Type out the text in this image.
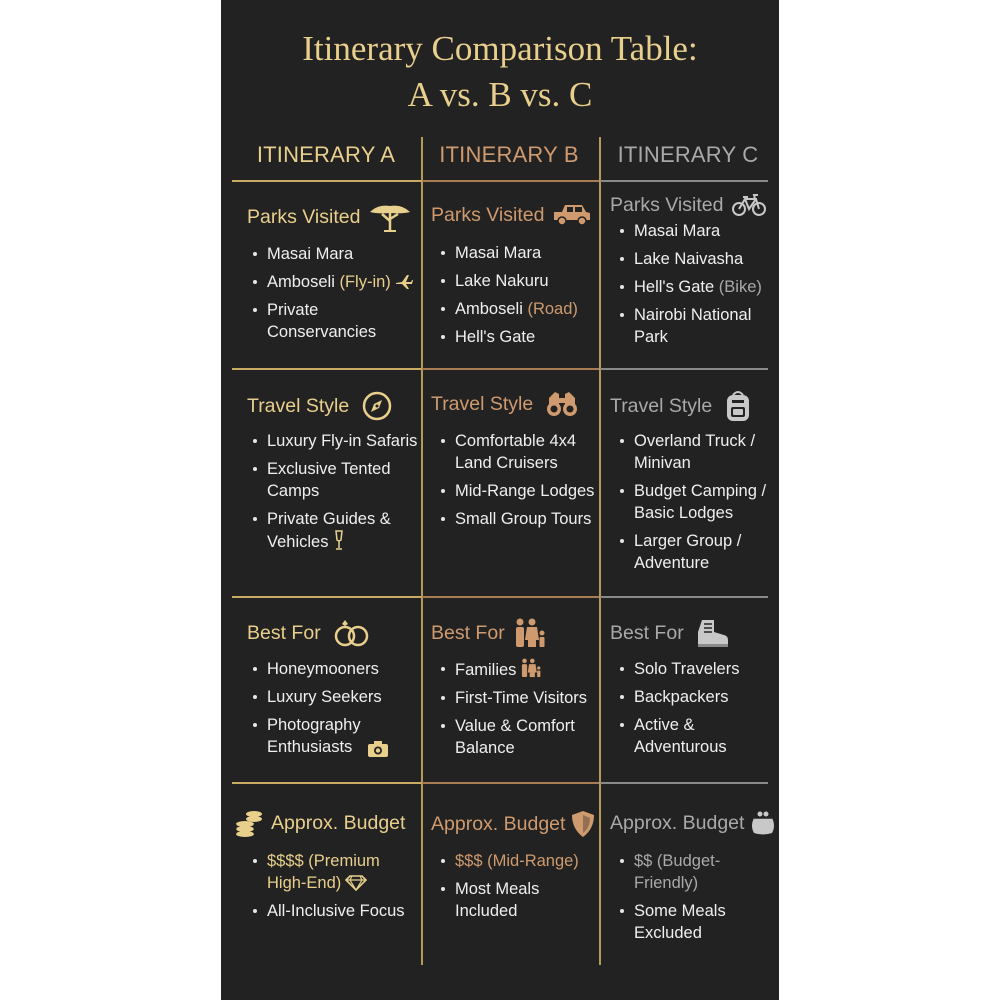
Itinerary Comparison Table:
A vs. B vs. C
ITINERARY A	ITINERARY B	ITINERARY C
Parks Visited
Masai Mara
Amboseli (Fly-in)
Private Conservancies
Parks Visited
Masai Mara
Lake Nakuru
Amboseli (Road)
Hell's Gate
Parks Visited
Masai Mara
Lake Naivasha
Hell's Gate (Bike)
Nairobi National Park
Travel Style
Luxury Fly-in Safaris
Exclusive Tented Camps
Private Guides & Vehicles
Travel Style
Comfortable 4x4 Land Cruisers
Mid-Range Lodges
Small Group Tours
Travel Style
Overland Truck / Minivan
Budget Camping / Basic Lodges
Larger Group / Adventure
Best For
Honeymooners
Luxury Seekers
Photography Enthusiasts
Best For
Families
First-Time Visitors
Value & Comfort Balance
Best For
Solo Travelers
Backpackers
Active & Adventurous
Approx. Budget
$$$$ (Premium High-End)
All-Inclusive Focus
Approx. Budget
$$$ (Mid-Range)
Most Meals Included
Approx. Budget
$$ (Budget-Friendly)
Some Meals Excluded
